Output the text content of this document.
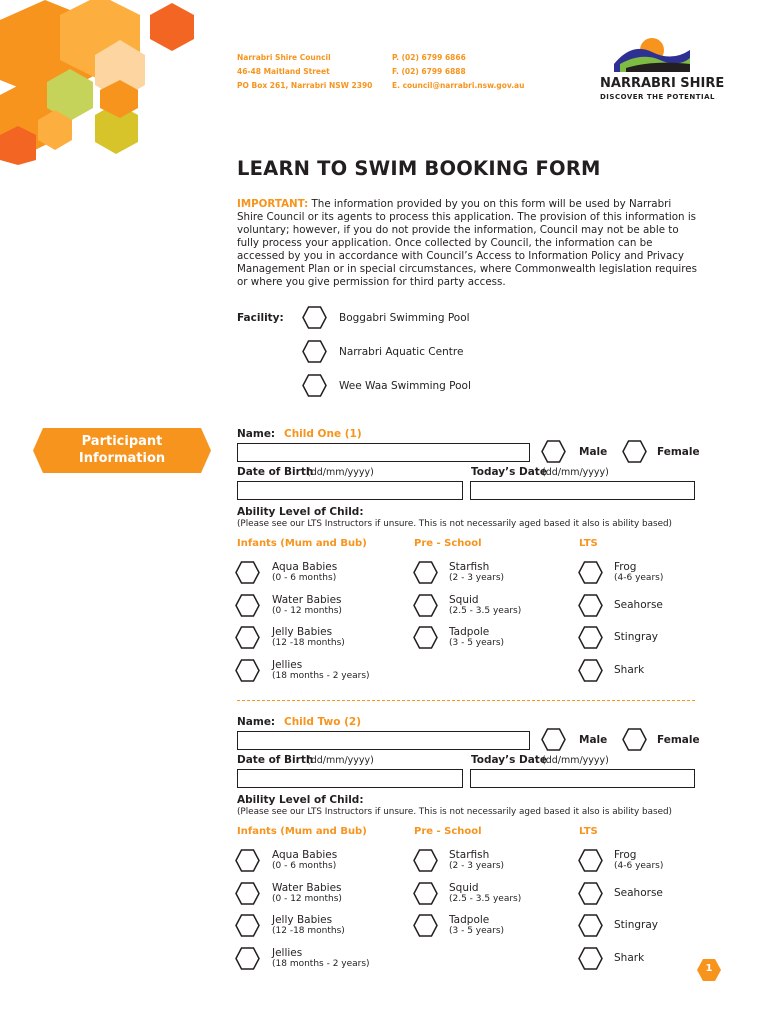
Narrabri Shire Council
46-48 Maitland Street
PO Box 261, Narrabri NSW 2390
P. (02) 6799 6866
F. (02) 6799 6888
E. council@narrabri.nsw.gov.au	NARRABRI SHIRE
DISCOVER THE POTENTIAL
LEARN TO SWIM BOOKING FORM
IMPORTANT: The information provided by you on this form will be used by Narrabri Shire Council or its agents to process this application. The provision of this information is voluntary; however, if you do not provide the information, Council may not be able to fully process your application. Once collected by Council, the information can be accessed by you in accordance with Council’s Access to Information Policy and Privacy Management Plan or in special circumstances, where Commonwealth legislation requires or where you give permission for third party access.
Facility:	Boggabri Swimming Pool
Narrabri Aquatic Centre
Wee Waa Swimming Pool
Participant
Information
Name: Child One (1)
Male	Female
Date of Birth
(dd/mm/yyyy)	Today’s Date
(dd/mm/yyyy)
Ability Level of Child:
(Please see our LTS Instructors if unsure. This is not necessarily aged based it also is ability based)
Infants (Mum and Bub)	Pre - School	LTS
Aqua Babies
(0 - 6 months)
Water Babies
(0 - 12 months)
Jelly Babies
(12 -18 months)
Jellies
(18 months - 2 years)
Starfish
(2 - 3 years)
Squid
(2.5 - 3.5 years)
Tadpole
(3 - 5 years)
Frog
(4-6 years)
Seahorse
Stingray
Shark
Name: Child Two (2)
Male	Female
Date of Birth
(dd/mm/yyyy)	Today’s Date
(dd/mm/yyyy)
Ability Level of Child:
(Please see our LTS Instructors if unsure. This is not necessarily aged based it also is ability based)
Infants (Mum and Bub)	Pre - School	LTS
Aqua Babies
(0 - 6 months)
Water Babies
(0 - 12 months)
Jelly Babies
(12 -18 months)
Jellies
(18 months - 2 years)
Starfish
(2 - 3 years)
Squid
(2.5 - 3.5 years)
Tadpole
(3 - 5 years)
Frog
(4-6 years)
Seahorse
Stingray
Shark
1
